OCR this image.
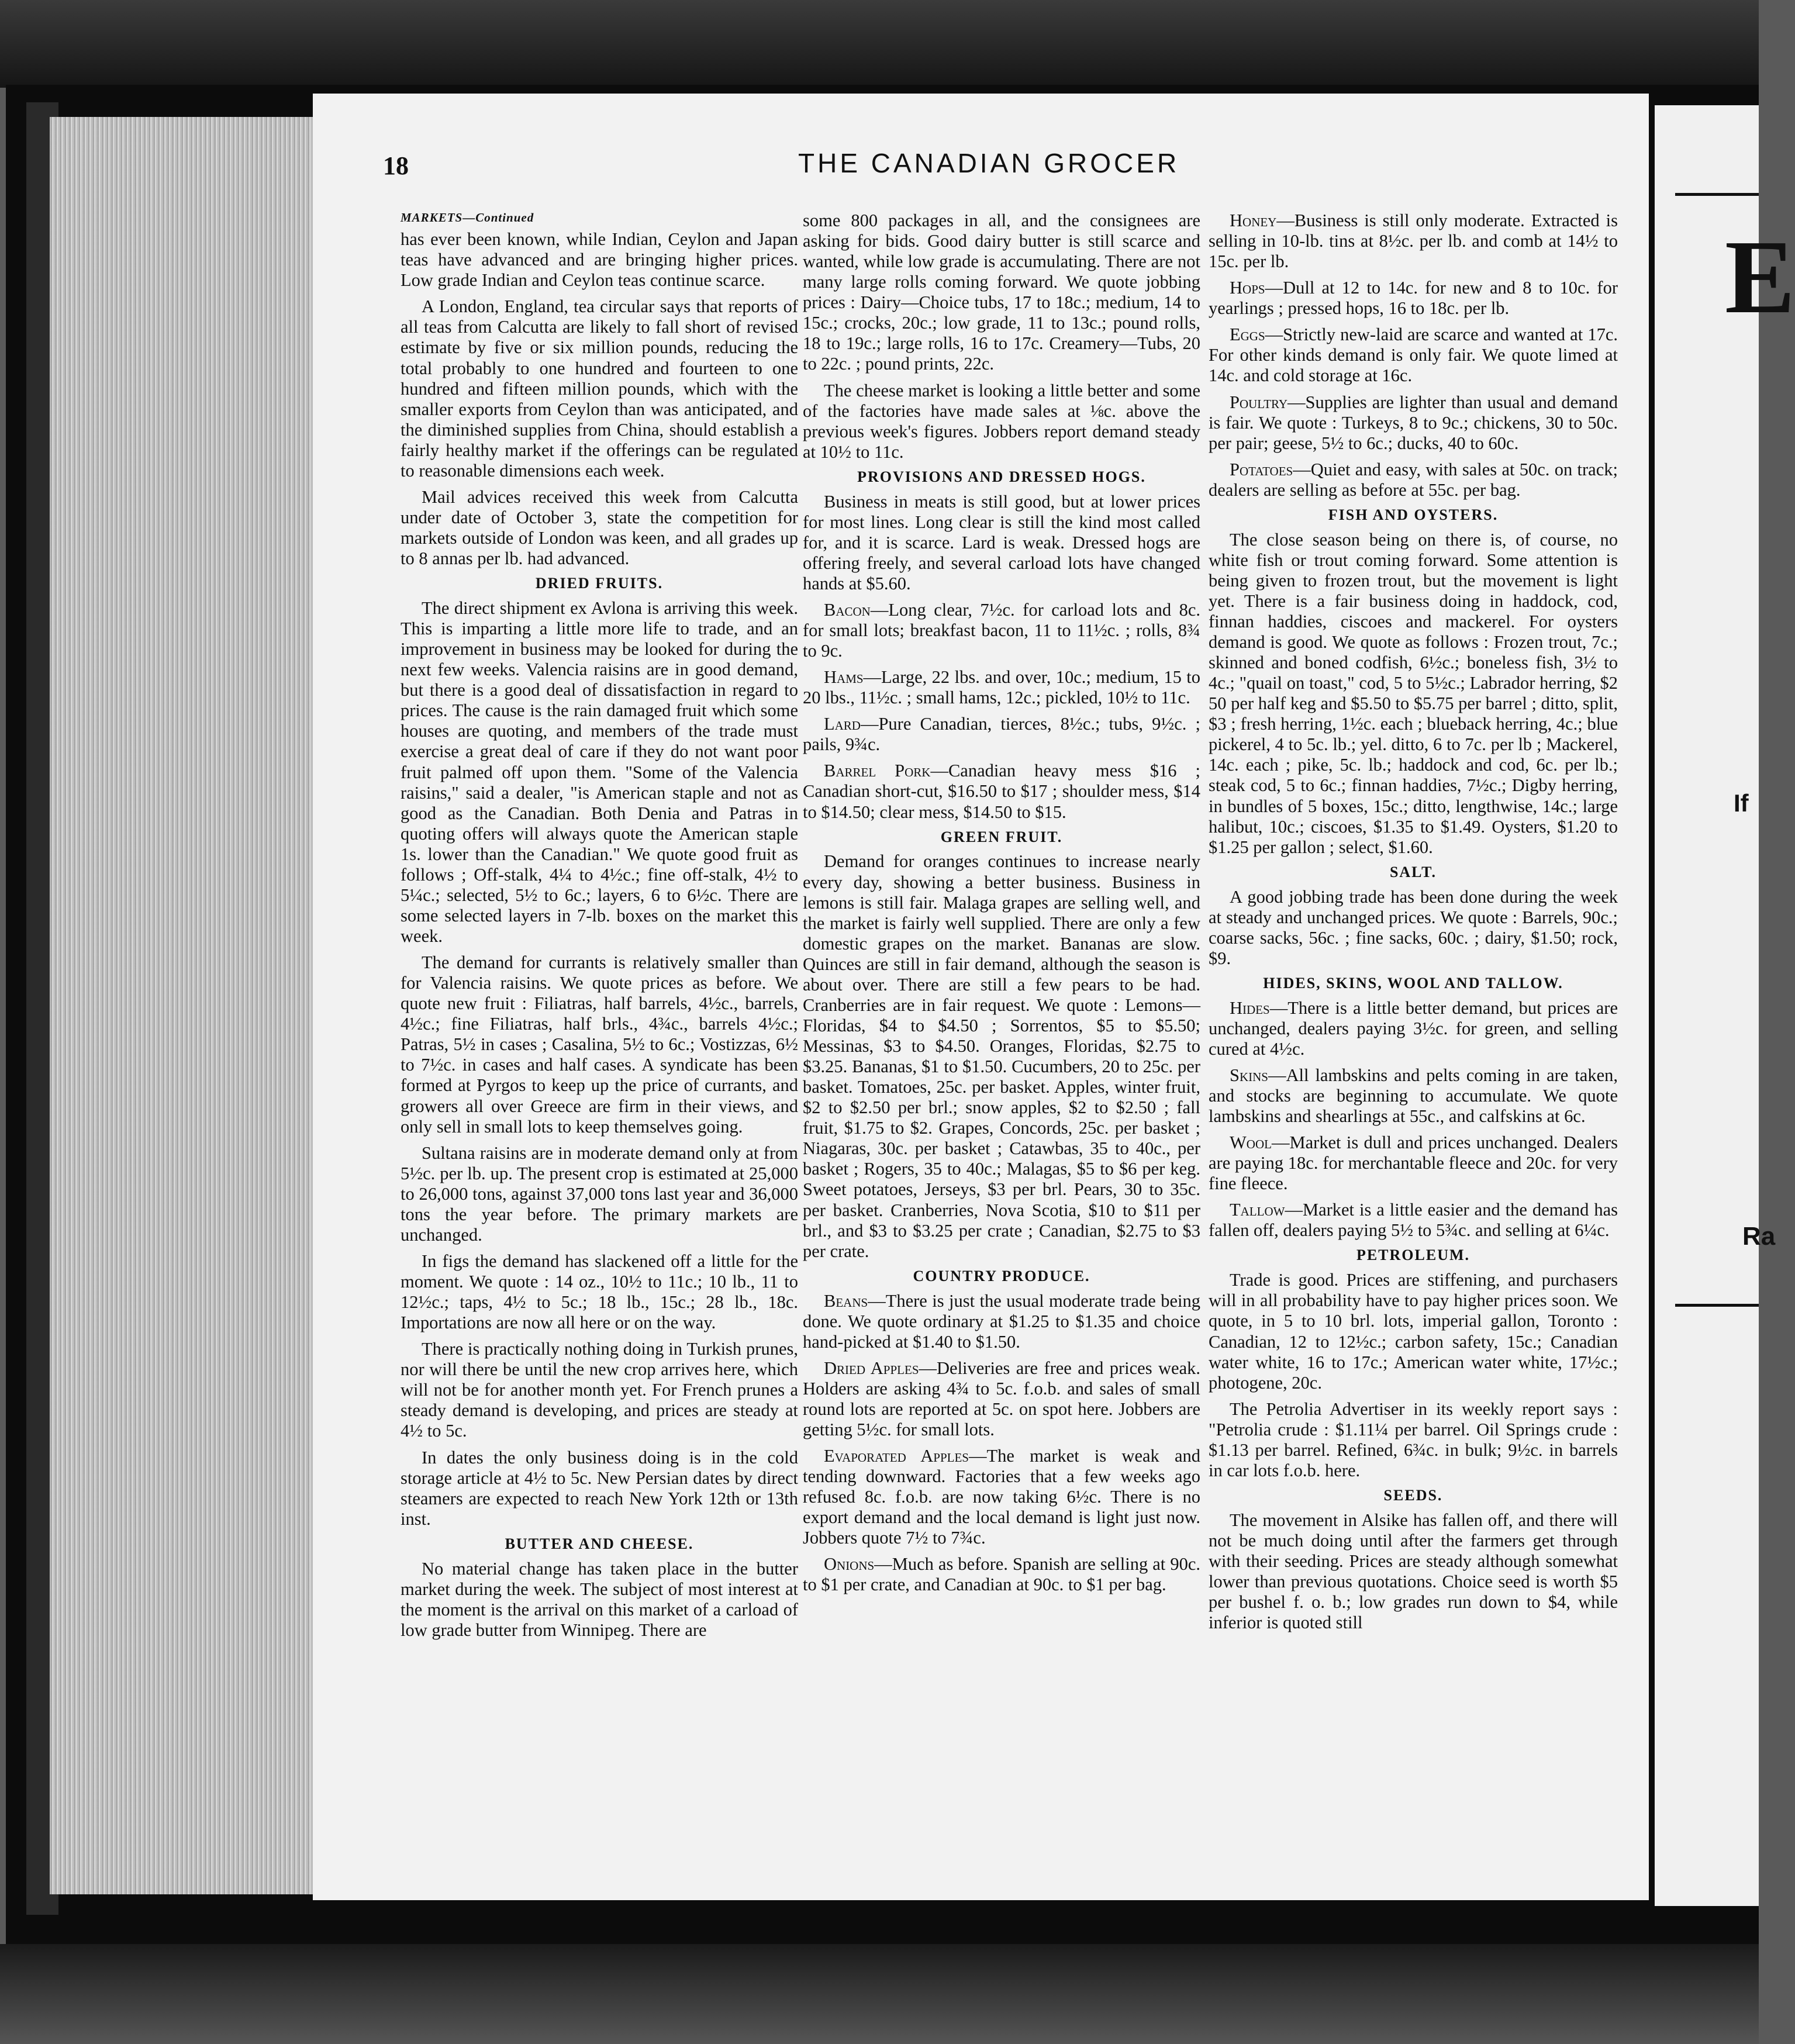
18	THE CANADIAN GROCER
MARKETS—Continued

has ever been known, while Indian, Ceylon and Japan teas have advanced and are bringing higher prices. Low grade Indian and Ceylon teas continue scarce.

A London, England, tea circular says that reports of all teas from Calcutta are likely to fall short of revised estimate by five or six million pounds, reducing the total probably to one hundred and fourteen to one hundred and fifteen million pounds, which with the smaller exports from Ceylon than was anticipated, and the diminished supplies from China, should establish a fairly healthy market if the offerings can be regulated to reasonable dimensions each week.

Mail advices received this week from Calcutta under date of October 3, state the competition for markets outside of London was keen, and all grades up to 8 annas per lb. had advanced.

DRIED FRUITS.

The direct shipment ex Avlona is arriving this week. This is imparting a little more life to trade, and an improvement in business may be looked for during the next few weeks. Valencia raisins are in good demand, but there is a good deal of dissatisfaction in regard to prices. The cause is the rain damaged fruit which some houses are quoting, and members of the trade must exercise a great deal of care if they do not want poor fruit palmed off upon them. "Some of the Valencia raisins," said a dealer, "is American staple and not as good as the Canadian. Both Denia and Patras in quoting offers will always quote the American staple 1s. lower than the Canadian." We quote good fruit as follows ; Off-stalk, 4¼ to 4½c.; fine off-stalk, 4½ to 5¼c.; selected, 5½ to 6c.; layers, 6 to 6½c. There are some selected layers in 7-lb. boxes on the market this week.

The demand for currants is relatively smaller than for Valencia raisins. We quote prices as before. We quote new fruit : Filiatras, half barrels, 4½c., barrels, 4½c.; fine Filiatras, half brls., 4¾c., barrels 4½c.; Patras, 5½ in cases ; Casalina, 5½ to 6c.; Vostizzas, 6½ to 7½c. in cases and half cases. A syndicate has been formed at Pyrgos to keep up the price of currants, and growers all over Greece are firm in their views, and only sell in small lots to keep themselves going.

Sultana raisins are in moderate demand only at from 5½c. per lb. up. The present crop is estimated at 25,000 to 26,000 tons, against 37,000 tons last year and 36,000 tons the year before. The primary markets are unchanged.

In figs the demand has slackened off a little for the moment. We quote : 14 oz., 10½ to 11c.; 10 lb., 11 to 12½c.; taps, 4½ to 5c.; 18 lb., 15c.; 28 lb., 18c. Importations are now all here or on the way.

There is practically nothing doing in Turkish prunes, nor will there be until the new crop arrives here, which will not be for another month yet. For French prunes a steady demand is developing, and prices are steady at 4½ to 5c.

In dates the only business doing is in the cold storage article at 4½ to 5c. New Persian dates by direct steamers are expected to reach New York 12th or 13th inst.

BUTTER AND CHEESE.

No material change has taken place in the butter market during the week. The subject of most interest at the moment is the arrival on this market of a carload of low grade butter from Winnipeg. There are

some 800 packages in all, and the consignees are asking for bids. Good dairy butter is still scarce and wanted, while low grade is accumulating. There are not many large rolls coming forward. We quote jobbing prices : Dairy—Choice tubs, 17 to 18c.; medium, 14 to 15c.; crocks, 20c.; low grade, 11 to 13c.; pound rolls, 18 to 19c.; large rolls, 16 to 17c. Creamery—Tubs, 20 to 22c. ; pound prints, 22c.

The cheese market is looking a little better and some of the factories have made sales at ⅛c. above the previous week's figures. Jobbers report demand steady at 10½ to 11c.

PROVISIONS AND DRESSED HOGS.

Business in meats is still good, but at lower prices for most lines. Long clear is still the kind most called for, and it is scarce. Lard is weak. Dressed hogs are offering freely, and several carload lots have changed hands at $5.60.

Bacon—Long clear, 7½c. for carload lots and 8c. for small lots; breakfast bacon, 11 to 11½c. ; rolls, 8¾ to 9c.

Hams—Large, 22 lbs. and over, 10c.; medium, 15 to 20 lbs., 11½c. ; small hams, 12c.; pickled, 10½ to 11c.

Lard—Pure Canadian, tierces, 8½c.; tubs, 9½c. ; pails, 9¾c.

Barrel Pork—Canadian heavy mess $16 ; Canadian short-cut, $16.50 to $17 ; shoulder mess, $14 to $14.50; clear mess, $14.50 to $15.

GREEN FRUIT.

Demand for oranges continues to increase nearly every day, showing a better business. Business in lemons is still fair. Malaga grapes are selling well, and the market is fairly well supplied. There are only a few domestic grapes on the market. Bananas are slow. Quinces are still in fair demand, although the season is about over. There are still a few pears to be had. Cranberries are in fair request. We quote : Lemons—Floridas, $4 to $4.50 ; Sorrentos, $5 to $5.50; Messinas, $3 to $4.50. Oranges, Floridas, $2.75 to $3.25. Bananas, $1 to $1.50. Cucumbers, 20 to 25c. per basket. Tomatoes, 25c. per basket. Apples, winter fruit, $2 to $2.50 per brl.; snow apples, $2 to $2.50 ; fall fruit, $1.75 to $2. Grapes, Concords, 25c. per basket ; Niagaras, 30c. per basket ; Catawbas, 35 to 40c., per basket ; Rogers, 35 to 40c.; Malagas, $5 to $6 per keg. Sweet potatoes, Jerseys, $3 per brl. Pears, 30 to 35c. per basket. Cranberries, Nova Scotia, $10 to $11 per brl., and $3 to $3.25 per crate ; Canadian, $2.75 to $3 per crate.

COUNTRY PRODUCE.

Beans—There is just the usual moderate trade being done. We quote ordinary at $1.25 to $1.35 and choice hand-picked at $1.40 to $1.50.

Dried Apples—Deliveries are free and prices weak. Holders are asking 4¾ to 5c. f.o.b. and sales of small round lots are reported at 5c. on spot here. Jobbers are getting 5½c. for small lots.

Evaporated Apples—The market is weak and tending downward. Factories that a few weeks ago refused 8c. f.o.b. are now taking 6½c. There is no export demand and the local demand is light just now. Jobbers quote 7½ to 7¾c.

Onions—Much as before. Spanish are selling at 90c. to $1 per crate, and Canadian at 90c. to $1 per bag.

Honey—Business is still only moderate. Extracted is selling in 10-lb. tins at 8½c. per lb. and comb at 14½ to 15c. per lb.

Hops—Dull at 12 to 14c. for new and 8 to 10c. for yearlings ; pressed hops, 16 to 18c. per lb.

Eggs—Strictly new-laid are scarce and wanted at 17c. For other kinds demand is only fair. We quote limed at 14c. and cold storage at 16c.

Poultry—Supplies are lighter than usual and demand is fair. We quote : Turkeys, 8 to 9c.; chickens, 30 to 50c. per pair; geese, 5½ to 6c.; ducks, 40 to 60c.

Potatoes—Quiet and easy, with sales at 50c. on track; dealers are selling as before at 55c. per bag.

FISH AND OYSTERS.

The close season being on there is, of course, no white fish or trout coming forward. Some attention is being given to frozen trout, but the movement is light yet. There is a fair business doing in haddock, cod, finnan haddies, ciscoes and mackerel. For oysters demand is good. We quote as follows : Frozen trout, 7c.; skinned and boned codfish, 6½c.; boneless fish, 3½ to 4c.; "quail on toast," cod, 5 to 5½c.; Labrador herring, $2 50 per half keg and $5.50 to $5.75 per barrel ; ditto, split, $3 ; fresh herring, 1½c. each ; blueback herring, 4c.; blue pickerel, 4 to 5c. lb.; yel. ditto, 6 to 7c. per lb ; Mackerel, 14c. each ; pike, 5c. lb.; haddock and cod, 6c. per lb.; steak cod, 5 to 6c.; finnan haddies, 7½c.; Digby herring, in bundles of 5 boxes, 15c.; ditto, lengthwise, 14c.; large halibut, 10c.; ciscoes, $1.35 to $1.49. Oysters, $1.20 to $1.25 per gallon ; select, $1.60.

SALT.

A good jobbing trade has been done during the week at steady and unchanged prices. We quote : Barrels, 90c.; coarse sacks, 56c. ; fine sacks, 60c. ; dairy, $1.50; rock, $9.

HIDES, SKINS, WOOL AND TALLOW.

Hides—There is a little better demand, but prices are unchanged, dealers paying 3½c. for green, and selling cured at 4½c.

Skins—All lambskins and pelts coming in are taken, and stocks are beginning to accumulate. We quote lambskins and shearlings at 55c., and calfskins at 6c.

Wool—Market is dull and prices unchanged. Dealers are paying 18c. for merchantable fleece and 20c. for very fine fleece.

Tallow—Market is a little easier and the demand has fallen off, dealers paying 5½ to 5¾c. and selling at 6¼c.

PETROLEUM.

Trade is good. Prices are stiffening, and purchasers will in all probability have to pay higher prices soon. We quote, in 5 to 10 brl. lots, imperial gallon, Toronto : Canadian, 12 to 12½c.; carbon safety, 15c.; Canadian water white, 16 to 17c.; American water white, 17½c.; photogene, 20c.

The Petrolia Advertiser in its weekly report says : "Petrolia crude : $1.11¼ per barrel. Oil Springs crude : $1.13 per barrel. Refined, 6¾c. in bulk; 9½c. in barrels in car lots f.o.b. here.

SEEDS.

The movement in Alsike has fallen off, and there will not be much doing until after the farmers get through with their seeding. Prices are steady although somewhat lower than previous quotations. Choice seed is worth $5 per bushel f. o. b.; low grades run down to $4, while inferior is quoted still

E
If
Ra
